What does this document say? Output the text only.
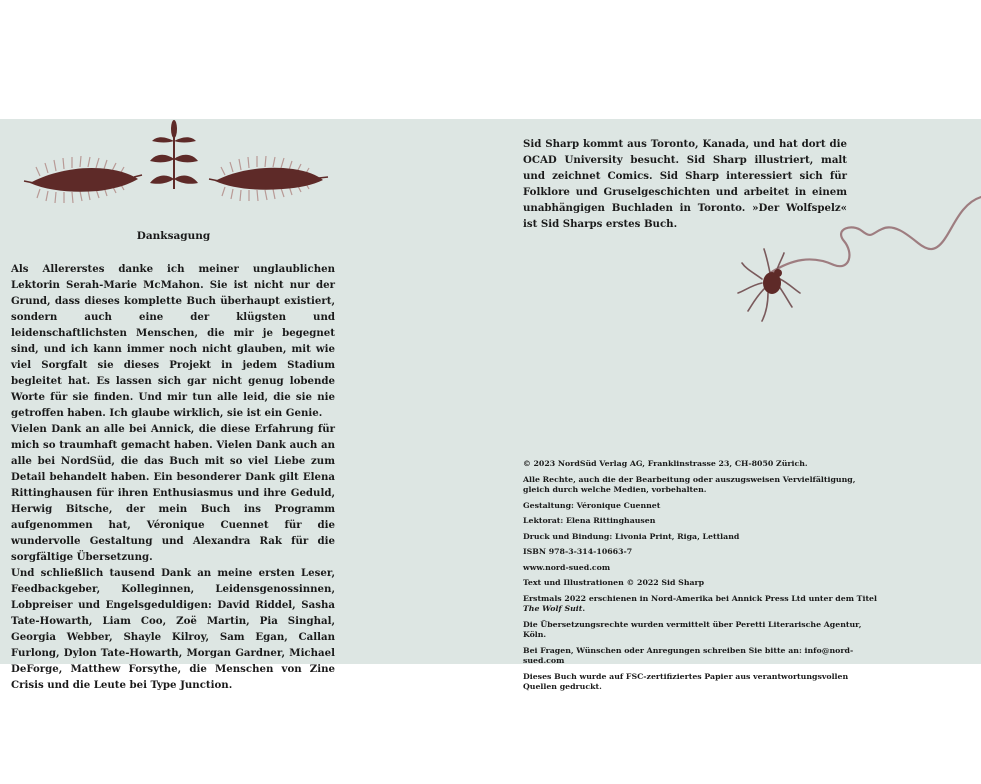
Danksagung

Als Allererstes danke ich meiner unglaublichen Lektorin Serah-Marie McMahon. Sie ist nicht nur der Grund, dass dieses komplette Buch überhaupt existiert, sondern auch eine der klügsten und leidenschaftlichsten Menschen, die mir je begegnet sind, und ich kann immer noch nicht glauben, mit wie viel Sorgfalt sie dieses Projekt in jedem Stadium begleitet hat. Es lassen sich gar nicht genug lobende Worte für sie finden. Und mir tun alle leid, die sie nie getroffen haben. Ich glaube wirklich, sie ist ein Genie.

Vielen Dank an alle bei Annick, die diese Erfahrung für mich so traumhaft gemacht haben. Vielen Dank auch an alle bei NordSüd, die das Buch mit so viel Liebe zum Detail behandelt haben. Ein besonderer Dank gilt Elena Rittinghausen für ihren Enthusiasmus und ihre Geduld, Herwig Bitsche, der mein Buch ins Programm aufgenommen hat, Véronique Cuennet für die wundervolle Gestaltung und Alexandra Rak für die sorgfältige Übersetzung.

Und schließlich tausend Dank an meine ersten Leser, Feedbackgeber, Kolleginnen, Leidensgenossinnen, Lobpreiser und Engelsgeduldigen: David Riddel, Sasha Tate-Howarth, Liam Coo, Zoë Martin, Pia Singhal, Georgia Webber, Shayle Kilroy, Sam Egan, Callan Furlong, Dylon Tate-Howarth, Morgan Gardner, Michael DeForge, Matthew Forsythe, die Menschen von Zine Crisis und die Leute bei Type Junction.

Sid Sharp kommt aus Toronto, Kanada, und hat dort die OCAD University besucht. Sid Sharp illustriert, malt und zeichnet Comics. Sid Sharp interessiert sich für Folklore und Gruselgeschichten und arbeitet in einem unabhängigen Buchladen in Toronto. »Der Wolfspelz« ist Sid Sharps erstes Buch.

© 2023 NordSüd Verlag AG, Franklinstrasse 23, CH-8050 Zürich.
Alle Rechte, auch die der Bearbeitung oder auszugsweisen Vervielfältigung,
gleich durch welche Medien, vorbehalten.
Gestaltung: Véronique Cuennet
Lektorat: Elena Rittinghausen
Druck und Bindung: Livonia Print, Riga, Lettland
ISBN 978-3-314-10663-7
www.nord-sued.com
Text und Illustrationen © 2022 Sid Sharp
Erstmals 2022 erschienen in Nord-Amerika bei Annick Press Ltd unter dem Titel The Wolf Suit.
Die Übersetzungsrechte wurden vermittelt über Peretti Literarische Agentur, Köln.
Bei Fragen, Wünschen oder Anregungen schreiben Sie bitte an: info@nord-sued.com
Dieses Buch wurde auf FSC-zertifiziertes Papier aus verantwortungsvollen Quellen gedruckt.
